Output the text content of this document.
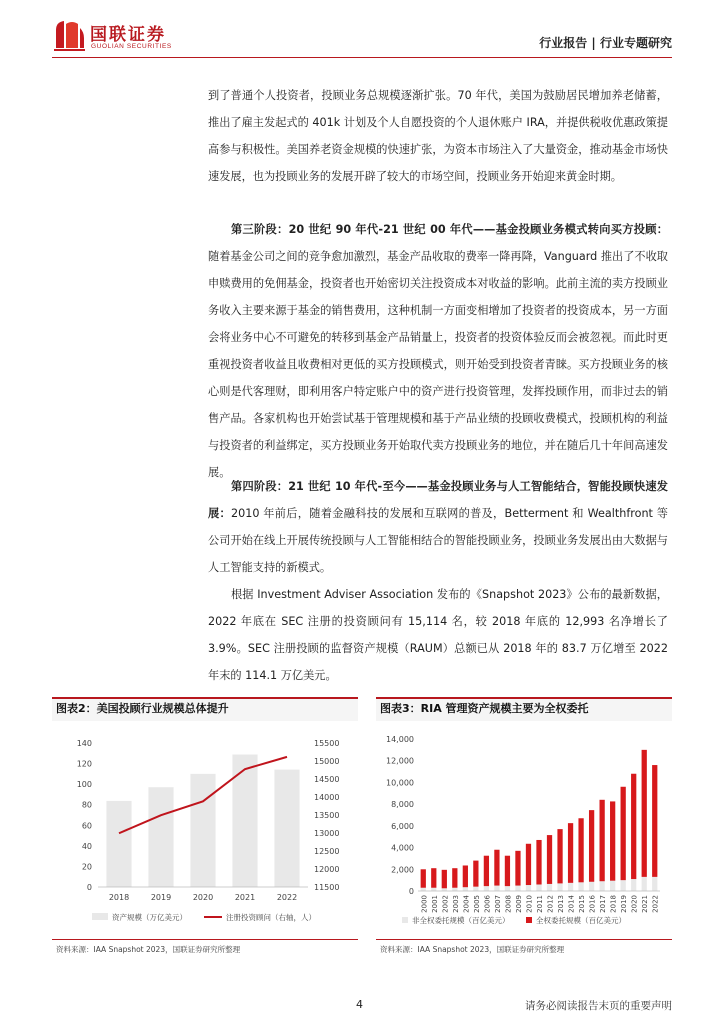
国联证券
GUOLIAN SECURITIES	行业报告 | 行业专题研究

到了普通个人投资者，投顾业务总规模逐渐扩张。70 年代，美国为鼓励居民增加养老储蓄，推出了雇主发起式的 401k 计划及个人自愿投资的个人退休账户 IRA，并提供税收优惠政策提高参与积极性。美国养老资金规模的快速扩张，为资本市场注入了大量资金，推动基金市场快速发展，也为投顾业务的发展开辟了较大的市场空间，投顾业务开始迎来黄金时期。

第三阶段：20 世纪 90 年代-21 世纪 00 年代——基金投顾业务模式转向买方投顾：随着基金公司之间的竞争愈加激烈，基金产品收取的费率一降再降，Vanguard 推出了不收取申赎费用的免佣基金，投资者也开始密切关注投资成本对收益的影响。此前主流的卖方投顾业务收入主要来源于基金的销售费用，这种机制一方面变相增加了投资者的投资成本，另一方面会将业务中心不可避免的转移到基金产品销量上，投资者的投资体验反而会被忽视。而此时更重视投资者收益且收费相对更低的买方投顾模式，则开始受到投资者青睐。买方投顾业务的核心则是代客理财，即利用客户特定账户中的资产进行投资管理，发挥投顾作用，而非过去的销售产品。各家机构也开始尝试基于管理规模和基于产品业绩的投顾收费模式，投顾机构的利益与投资者的利益绑定，买方投顾业务开始取代卖方投顾业务的地位，并在随后几十年间高速发展。

第四阶段：21 世纪 10 年代-至今——基金投顾业务与人工智能结合，智能投顾快速发展：2010 年前后，随着金融科技的发展和互联网的普及，Betterment 和 Wealthfront 等公司开始在线上开展传统投顾与人工智能相结合的智能投顾业务，投顾业务发展出由大数据与人工智能支持的新模式。

根据 Investment Adviser Association 发布的《Snapshot 2023》公布的最新数据，2022 年底在 SEC 注册的投资顾问有 15,114 名，较 2018 年底的 12,993 名净增长了 3.9%。SEC 注册投顾的监督资产规模（RAUM）总额已从 2018 年的 83.7 万亿增至 2022 年末的 114.1 万亿美元。

图表2：美国投顾行业规模总体提升
0
20
40
60
80
100
120
140
11500
12000
12500
13000
13500
14000
14500
15000
15500
2018	2019	2020	2021	2022
资产规模（万亿美元）	注册投资顾问（右轴，人）
资料来源：IAA Snapshot 2023，国联证券研究所整理
图表3：RIA 管理资产规模主要为全权委托
0
2,000
4,000
6,000
8,000
10,000
12,000
14,000
2000 2001 2002 2003 2004 2005 2006 2007 2008 2009 2010 2011 2012 2013 2014 2015 2016 2017 2018 2019 2020 2021 2022
非全权委托规模（百亿美元）	全权委托规模（百亿美元）
资料来源：IAA Snapshot 2023，国联证券研究所整理
4	请务必阅读报告末页的重要声明
